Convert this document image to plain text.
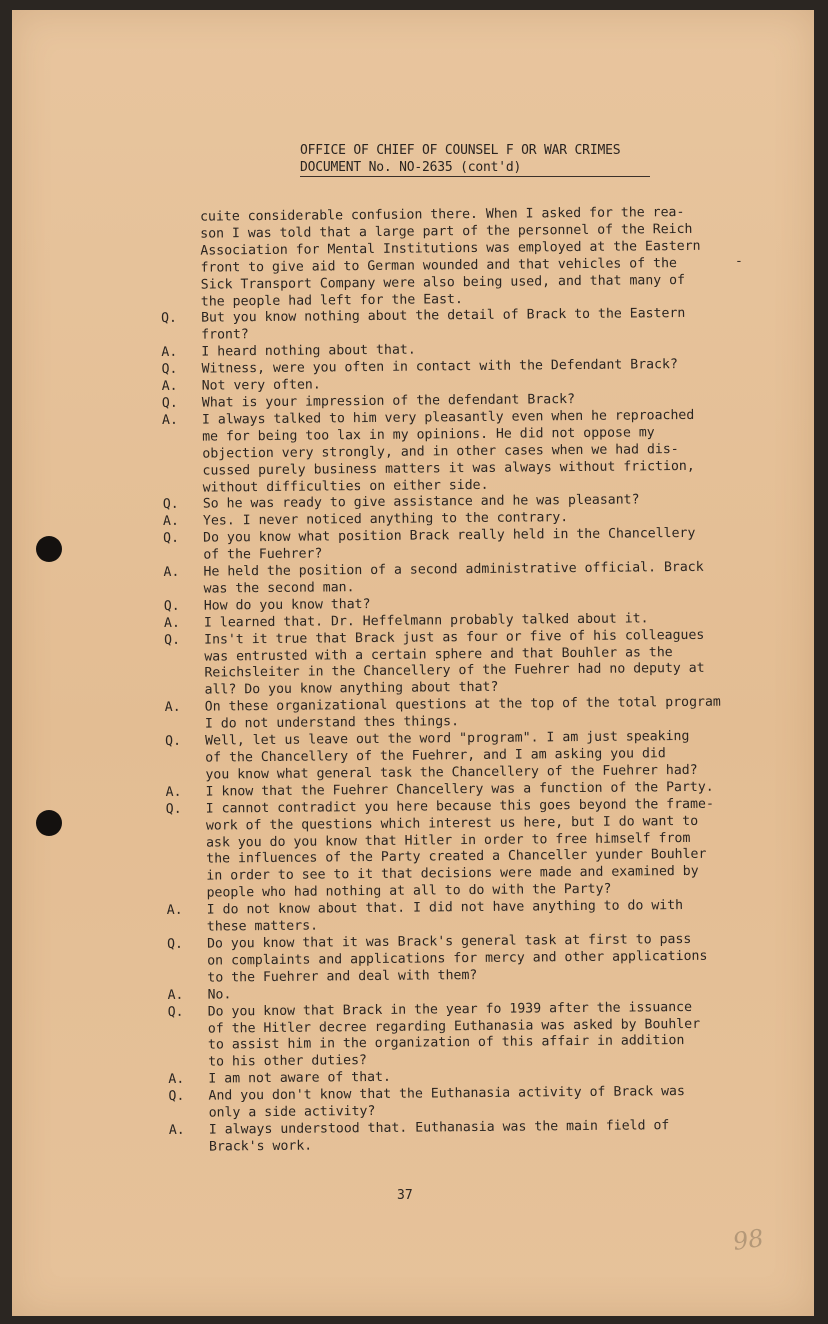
OFFICE OF CHIEF OF COUNSEL F OR WAR CRIMES
DOCUMENT No. NO-2635 (cont'd)
-
cuite considerable confusion there. When I asked for the rea-
son I was told that a large part of the personnel of the Reich
Association for Mental Institutions was employed at the Eastern
front to give aid to German wounded and that vehicles of the
Sick Transport Company were also being used, and that many of
the people had left for the East.
Q.	But you know nothing about the detail of Brack to the Eastern
front?
A.	I heard nothing about that.
Q.	Witness, were you often in contact with the Defendant Brack?
A.	Not very often.
Q.	What is your impression of the defendant Brack?
A.	I always talked to him very pleasantly even when he reproached
me for being too lax in my opinions. He did not oppose my
objection very strongly, and in other cases when we had dis-
cussed purely business matters it was always without friction,
without difficulties on either side.
Q.	So he was ready to give assistance and he was pleasant?
A.	Yes. I never noticed anything to the contrary.
Q.	Do you know what position Brack really held in the Chancellery
of the Fuehrer?
A.	He held the position of a second administrative official. Brack
was the second man.
Q.	How do you know that?
A.	I learned that. Dr. Heffelmann probably talked about it.
Q.	Ins't it true that Brack just as four or five of his colleagues
was entrusted with a certain sphere and that Bouhler as the
Reichsleiter in the Chancellery of the Fuehrer had no deputy at
all? Do you know anything about that?
A.	On these organizational questions at the top of the total program
I do not understand thes things.
Q.	Well, let us leave out the word "program". I am just speaking
of the Chancellery of the Fuehrer, and I am asking you did
you know what general task the Chancellery of the Fuehrer had?
A.	I know that the Fuehrer Chancellery was a function of the Party.
Q.	I cannot contradict you here because this goes beyond the frame-
work of the questions which interest us here, but I do want to
ask you do you know that Hitler in order to free himself from
the influences of the Party created a Chanceller yunder Bouhler
in order to see to it that decisions were made and examined by
people who had nothing at all to do with the Party?
A.	I do not know about that. I did not have anything to do with
these matters.
Q.	Do you know that it was Brack's general task at first to pass
on complaints and applications for mercy and other applications
to the Fuehrer and deal with them?
A.	No.
Q.	Do you know that Brack in the year fo 1939 after the issuance
of the Hitler decree regarding Euthanasia was asked by Bouhler
to assist him in the organization of this affair in addition
to his other duties?
A.	I am not aware of that.
Q.	And you don't know that the Euthanasia activity of Brack was
only a side activity?
A.	I always understood that. Euthanasia was the main field of
Brack's work.
37
98
